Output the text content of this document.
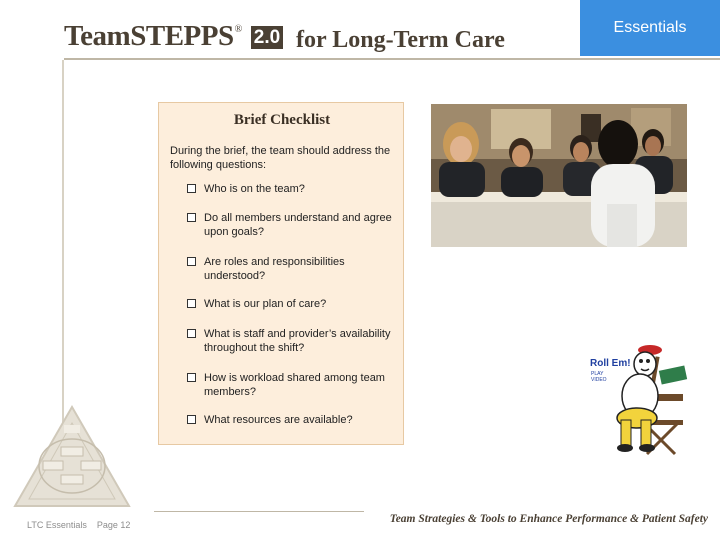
TeamSTEPPS® 2.0 for Long-Term Care	Essentials
Brief Checklist
During the brief, the team should address the following questions:
Who is on the team?
Do all members understand and agree upon goals?
Are roles and responsibilities understood?
What is our plan of care?
What is staff and provider’s availability throughout the shift?
How is workload shared among team members?
What resources are available?
Roll Em!
PLAY
VIDEO
LTC Essentials Page 12	Team Strategies & Tools to Enhance Performance & Patient Safety
